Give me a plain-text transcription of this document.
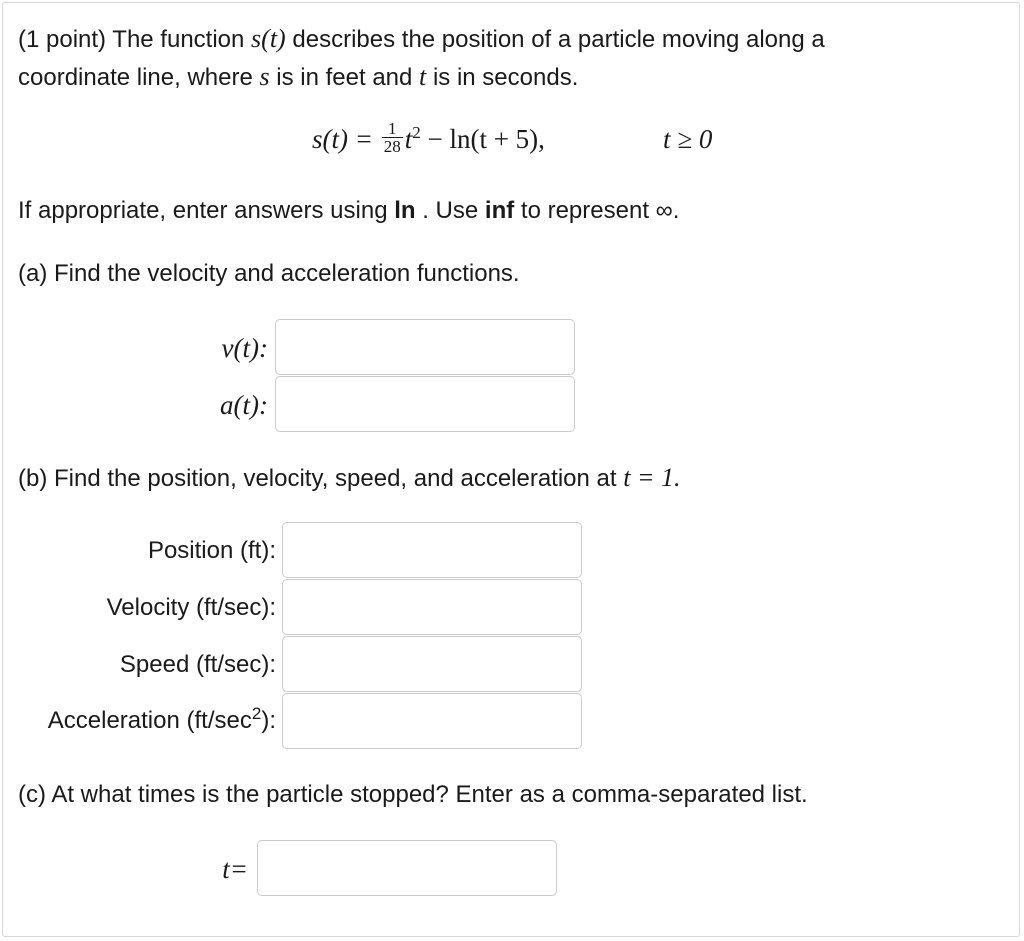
(1 point) The function s(t) describes the position of a particle moving along a

coordinate line, where s is in feet and t is in seconds.

$s(t) = \frac{1}{28} t^2 - \ln(t + 5)$,	t ≥ 0

If appropriate, enter answers using ln . Use inf to represent ∞.

(a) Find the velocity and acceleration functions.

v(t):
a(t):

(b) Find the position, velocity, speed, and acceleration at t = 1.

Position (ft):
Velocity (ft/sec):
Speed (ft/sec):
Acceleration $(ft/\sec^2)$:

(c) At what times is the particle stopped? Enter as a comma-separated list.

t=
